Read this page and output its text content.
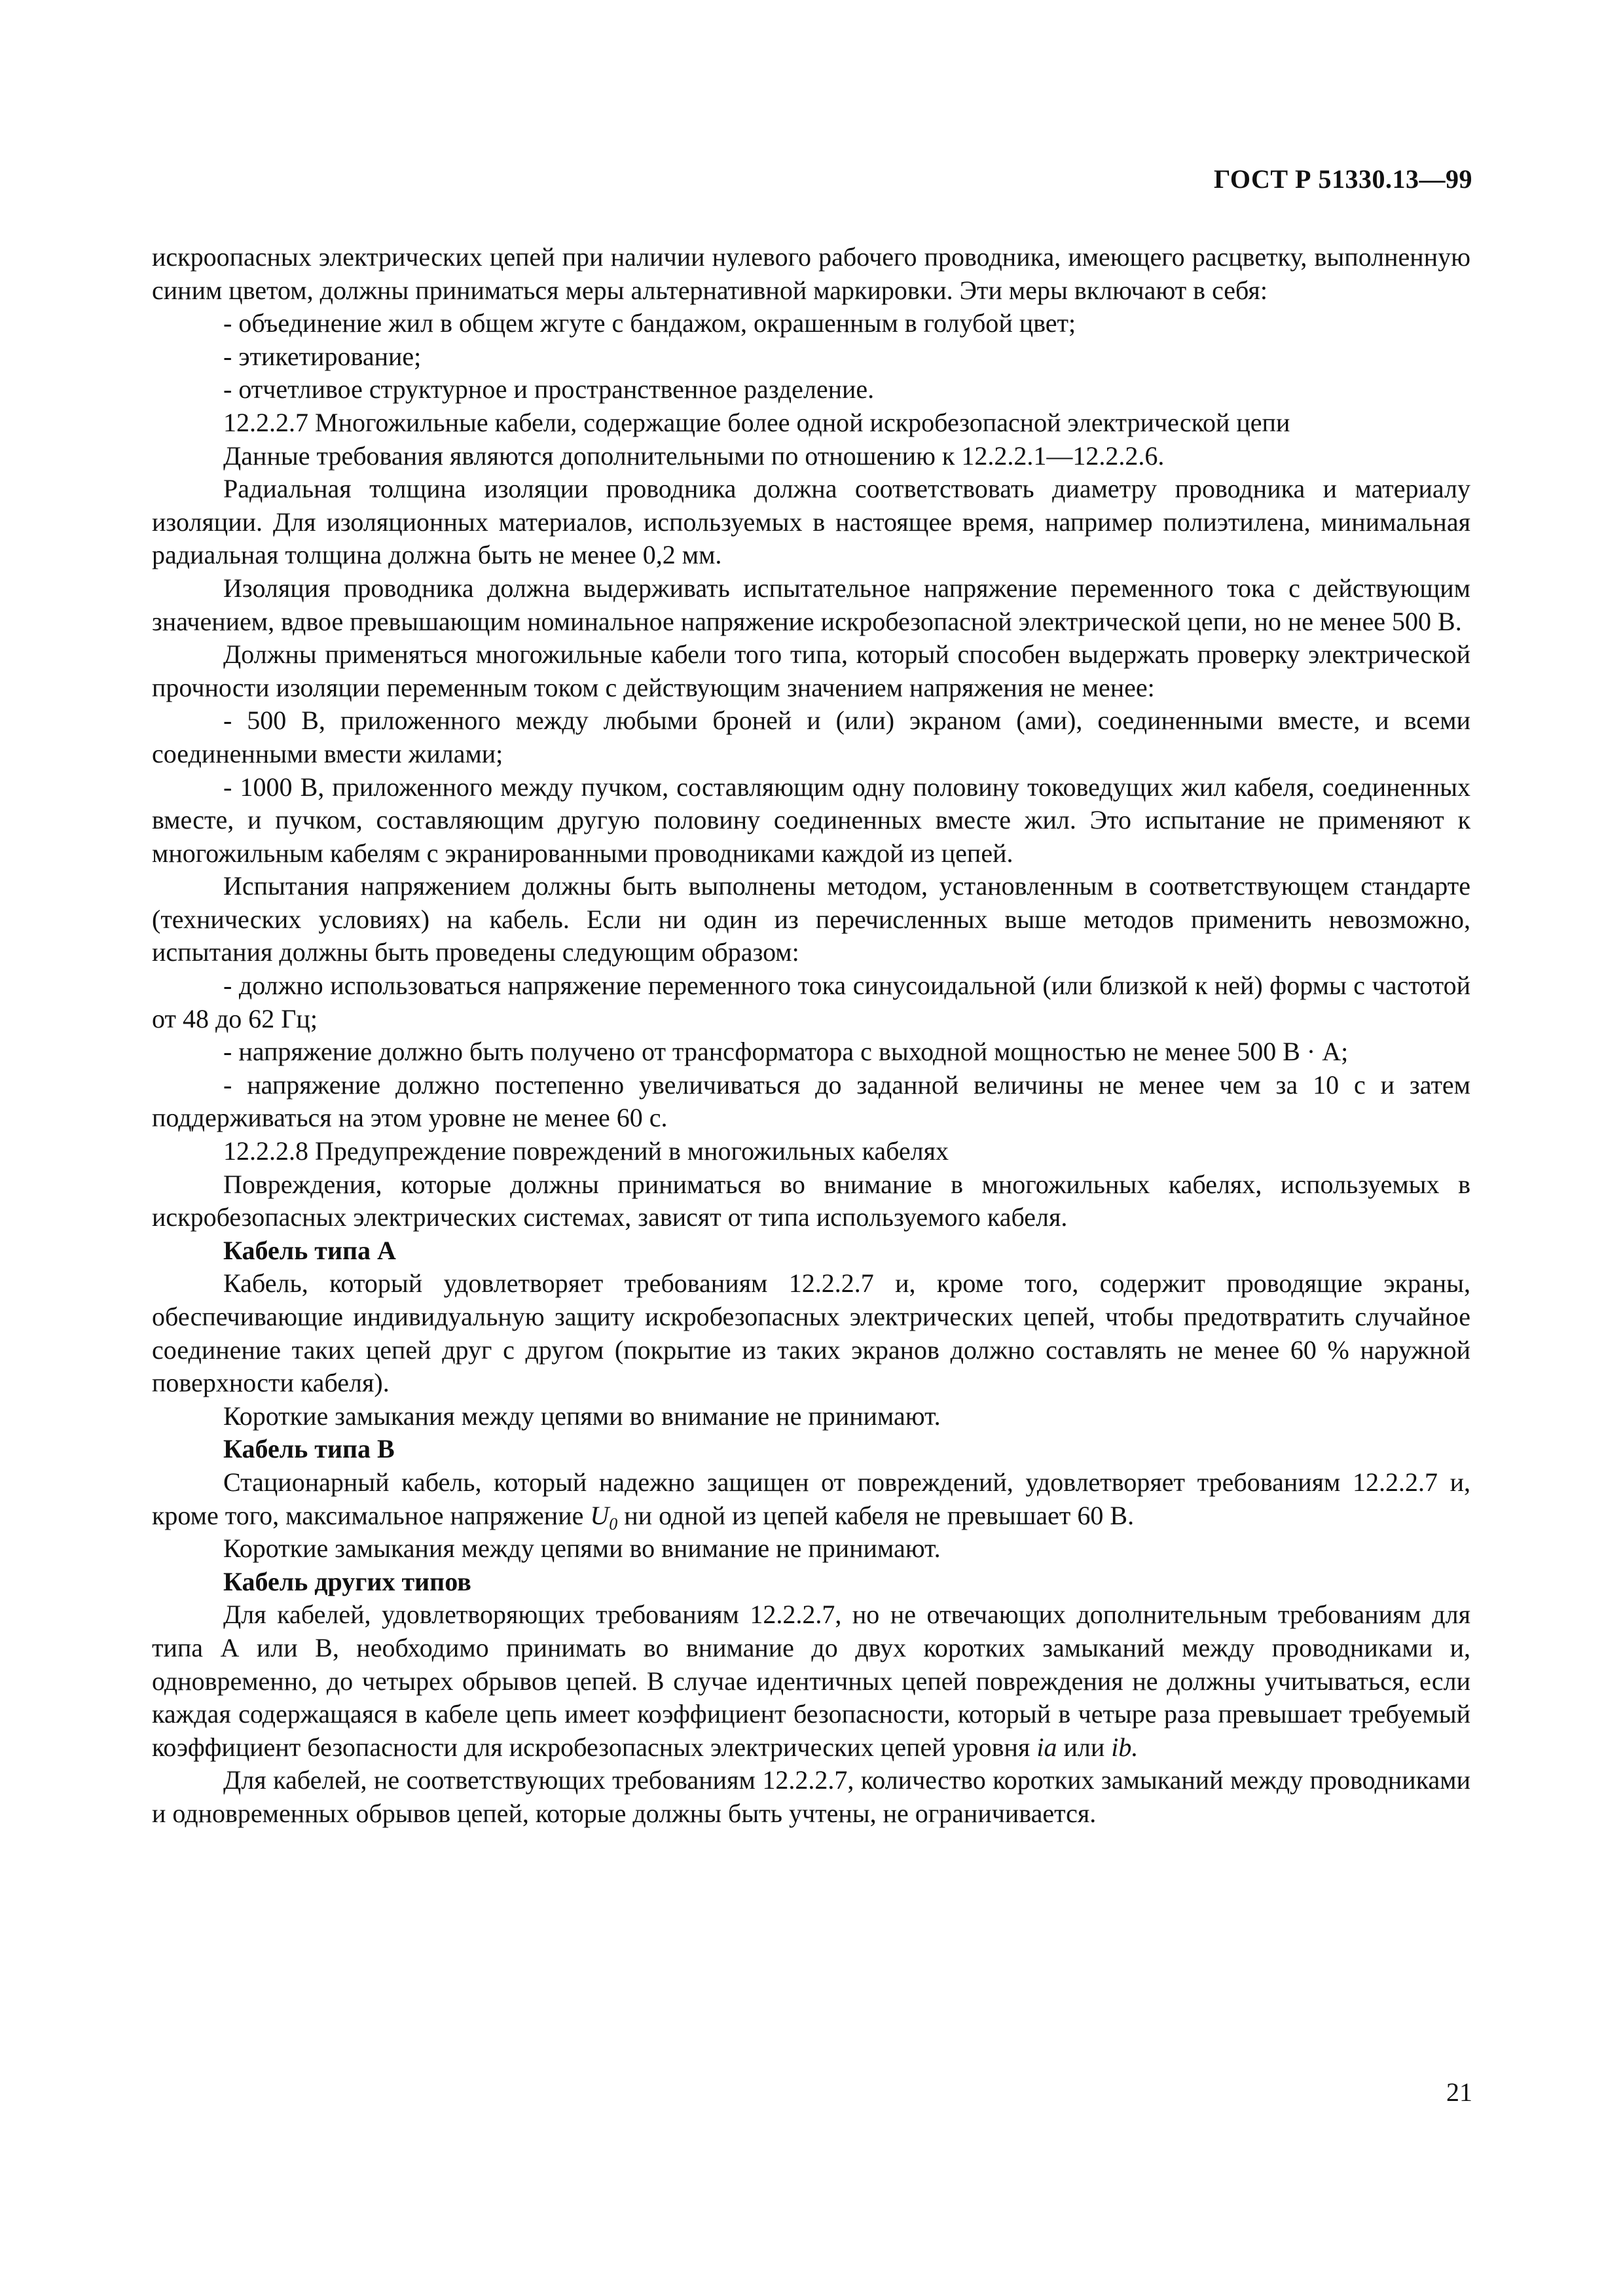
ГОСТ Р 51330.13—99

искроопасных электрических цепей при наличии нулевого рабочего проводника, имеющего расцветку, выполненную синим цветом, должны приниматься меры альтернативной маркировки. Эти меры включают в себя:

- объединение жил в общем жгуте с бандажом, окрашенным в голубой цвет;

- этикетирование;

- отчетливое структурное и пространственное разделение.

12.2.2.7 Многожильные кабели, содержащие более одной искробезопасной электрической цепи

Данные требования являются дополнительными по отношению к 12.2.2.1—12.2.2.6.

Радиальная толщина изоляции проводника должна соответствовать диаметру проводника и материалу изоляции. Для изоляционных материалов, используемых в настоящее время, например полиэтилена, минимальная радиальная толщина должна быть не менее 0,2 мм.

Изоляция проводника должна выдерживать испытательное напряжение переменного тока с действующим значением, вдвое превышающим номинальное напряжение искробезопасной электрической цепи, но не менее 500 В.

Должны применяться многожильные кабели того типа, который способен выдержать проверку электрической прочности изоляции переменным током с действующим значением напряжения не менее:

- 500 В, приложенного между любыми броней и (или) экраном (ами), соединенными вместе, и всеми соединенными вмести жилами;

- 1000 В, приложенного между пучком, составляющим одну половину токоведущих жил кабеля, соединенных вместе, и пучком, составляющим другую половину соединенных вместе жил. Это испытание не применяют к многожильным кабелям с экранированными проводниками каждой из цепей.

Испытания напряжением должны быть выполнены методом, установленным в соответствующем стандарте (технических условиях) на кабель. Если ни один из перечисленных выше методов применить невозможно, испытания должны быть проведены следующим образом:

- должно использоваться напряжение переменного тока синусоидальной (или близкой к ней) формы с частотой от 48 до 62 Гц;

- напряжение должно быть получено от трансформатора с выходной мощностью не менее 500 В · А;

- напряжение должно постепенно увеличиваться до заданной величины не менее чем за 10 с и затем поддерживаться на этом уровне не менее 60 с.

12.2.2.8 Предупреждение повреждений в многожильных кабелях

Повреждения, которые должны приниматься во внимание в многожильных кабелях, используемых в искробезопасных электрических системах, зависят от типа используемого кабеля.

Кабель типа А

Кабель, который удовлетворяет требованиям 12.2.2.7 и, кроме того, содержит проводящие экраны, обеспечивающие индивидуальную защиту искробезопасных электрических цепей, чтобы предотвратить случайное соединение таких цепей друг с другом (покрытие из таких экранов должно составлять не менее 60 % наружной поверхности кабеля).

Короткие замыкания между цепями во внимание не принимают.

Кабель типа В

Стационарный кабель, который надежно защищен от повреждений, удовлетворяет требованиям 12.2.2.7 и, кроме того, максимальное напряжение $U_0$ ни одной из цепей кабеля не превышает 60 В.

Короткие замыкания между цепями во внимание не принимают.

Кабель других типов

Для кабелей, удовлетворяющих требованиям 12.2.2.7, но не отвечающих дополнительным требованиям для типа А или В, необходимо принимать во внимание до двух коротких замыканий между проводниками и, одновременно, до четырех обрывов цепей. В случае идентичных цепей повреждения не должны учитываться, если каждая содержащаяся в кабеле цепь имеет коэффициент безопасности, который в четыре раза превышает требуемый коэффициент безопасности для искробезопасных электрических цепей уровня ia или ib.

Для кабелей, не соответствующих требованиям 12.2.2.7, количество коротких замыканий между проводниками и одновременных обрывов цепей, которые должны быть учтены, не ограничивается.

21
